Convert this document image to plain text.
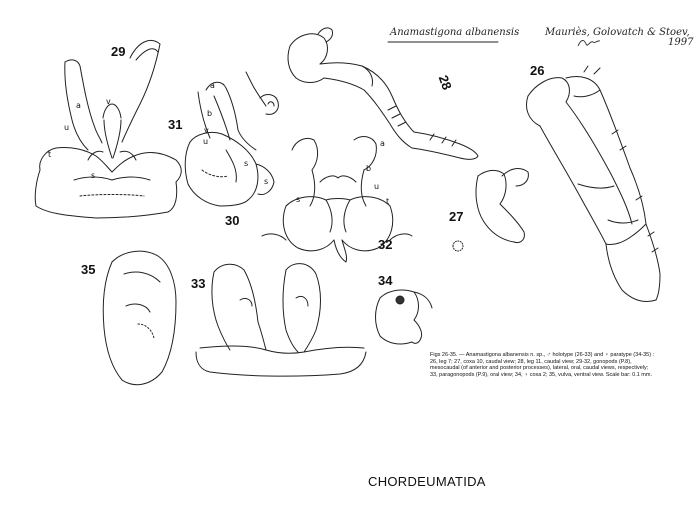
Anamastigona albanensis	Mauriès, Golovatch & Stoev,
1997
29
31
30
28
26
27
32
35
33	34
a	v
u
t
s
a
b
v
u
s
s
a
b
u
t
s
Figs 26-35. — Anamastigona albanensis n. sp., ♂ holotype (26-33) and ♀ paratype (34-35) :
26, leg 7; 27, coxa 10, caudal view; 28, leg 11, caudal view; 29-32, gonopods (P.8),
mesocaudal (of anterior and posterior processes), lateral, oral, caudal views, respectively;
33, paragonopods (P.9), oral view; 34, ♀ coxa 2; 35, vulva, ventral view. Scale bar: 0.1 mm.
CHORDEUMATIDA
